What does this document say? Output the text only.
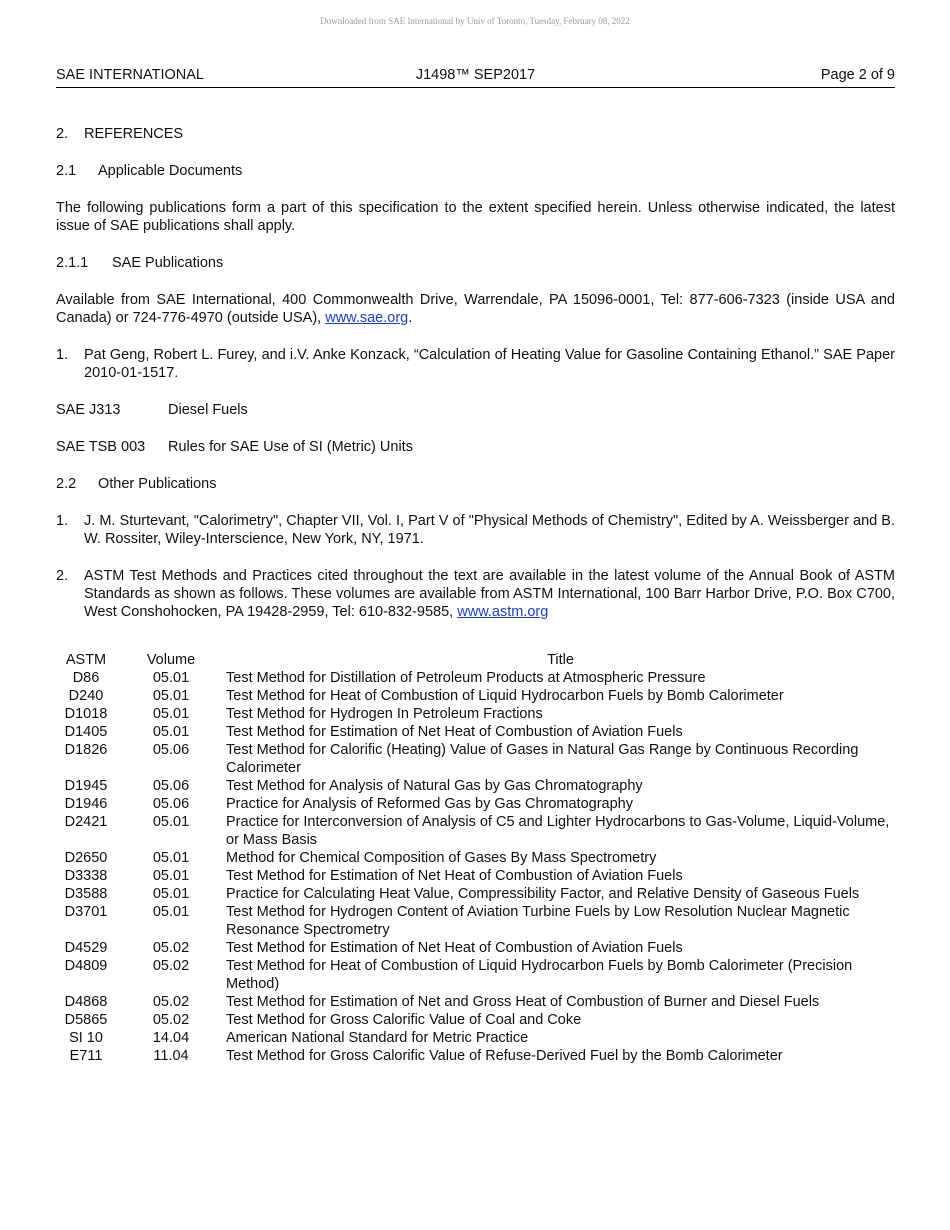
Downloaded from SAE International by Univ of Toronto, Tuesday, February 08, 2022
J1498™ SEP2017
SAE INTERNATIONAL	Page 2 of 9
2. REFERENCES
2.1 Applicable Documents

The following publications form a part of this specification to the extent specified herein. Unless otherwise indicated, the latest issue of SAE publications shall apply.

2.1.1 SAE Publications

Available from SAE International, 400 Commonwealth Drive, Warrendale, PA 15096-0001, Tel: 877-606-7323 (inside USA and Canada) or 724-776-4970 (outside USA), www.sae.org.

1. Pat Geng, Robert L. Furey, and i.V. Anke Konzack, “Calculation of Heating Value for Gasoline Containing Ethanol.” SAE Paper 2010-01-1517.
SAE J313	Diesel Fuels
SAE TSB 003 Rules for SAE Use of SI (Metric) Units
2.2 Other Publications
1. J. M. Sturtevant, "Calorimetry", Chapter VII, Vol. I, Part V of "Physical Methods of Chemistry", Edited by A. Weissberger and B. W. Rossiter, Wiley-Interscience, New York, NY, 1971.
2. ASTM Test Methods and Practices cited throughout the text are available in the latest volume of the Annual Book of ASTM Standards as shown as follows. These volumes are available from ASTM International, 100 Barr Harbor Drive, P.O. Box C700, West Conshohocken, PA 19428-2959, Tel: 610-832-9585, www.astm.org
ASTM	Volume	Title
D86	05.01	Test Method for Distillation of Petroleum Products at Atmospheric Pressure
D240	05.01	Test Method for Heat of Combustion of Liquid Hydrocarbon Fuels by Bomb Calorimeter
D1018	05.01	Test Method for Hydrogen In Petroleum Fractions
D1405	05.01	Test Method for Estimation of Net Heat of Combustion of Aviation Fuels
D1826	05.06	Test Method for Calorific (Heating) Value of Gases in Natural Gas Range by Continuous Recording Calorimeter
D1945	05.06	Test Method for Analysis of Natural Gas by Gas Chromatography
D1946	05.06	Practice for Analysis of Reformed Gas by Gas Chromatography
D2421	05.01	Practice for Interconversion of Analysis of C5 and Lighter Hydrocarbons to Gas-Volume, Liquid-Volume, or Mass Basis
D2650	05.01	Method for Chemical Composition of Gases By Mass Spectrometry
D3338	05.01	Test Method for Estimation of Net Heat of Combustion of Aviation Fuels
D3588	05.01	Practice for Calculating Heat Value, Compressibility Factor, and Relative Density of Gaseous Fuels
D3701	05.01	Test Method for Hydrogen Content of Aviation Turbine Fuels by Low Resolution Nuclear Magnetic Resonance Spectrometry
D4529	05.02	Test Method for Estimation of Net Heat of Combustion of Aviation Fuels
D4809	05.02	Test Method for Heat of Combustion of Liquid Hydrocarbon Fuels by Bomb Calorimeter (Precision Method)
D4868	05.02	Test Method for Estimation of Net and Gross Heat of Combustion of Burner and Diesel Fuels
D5865	05.02	Test Method for Gross Calorific Value of Coal and Coke
SI 10	14.04	American National Standard for Metric Practice
E711	11.04	Test Method for Gross Calorific Value of Refuse-Derived Fuel by the Bomb Calorimeter
